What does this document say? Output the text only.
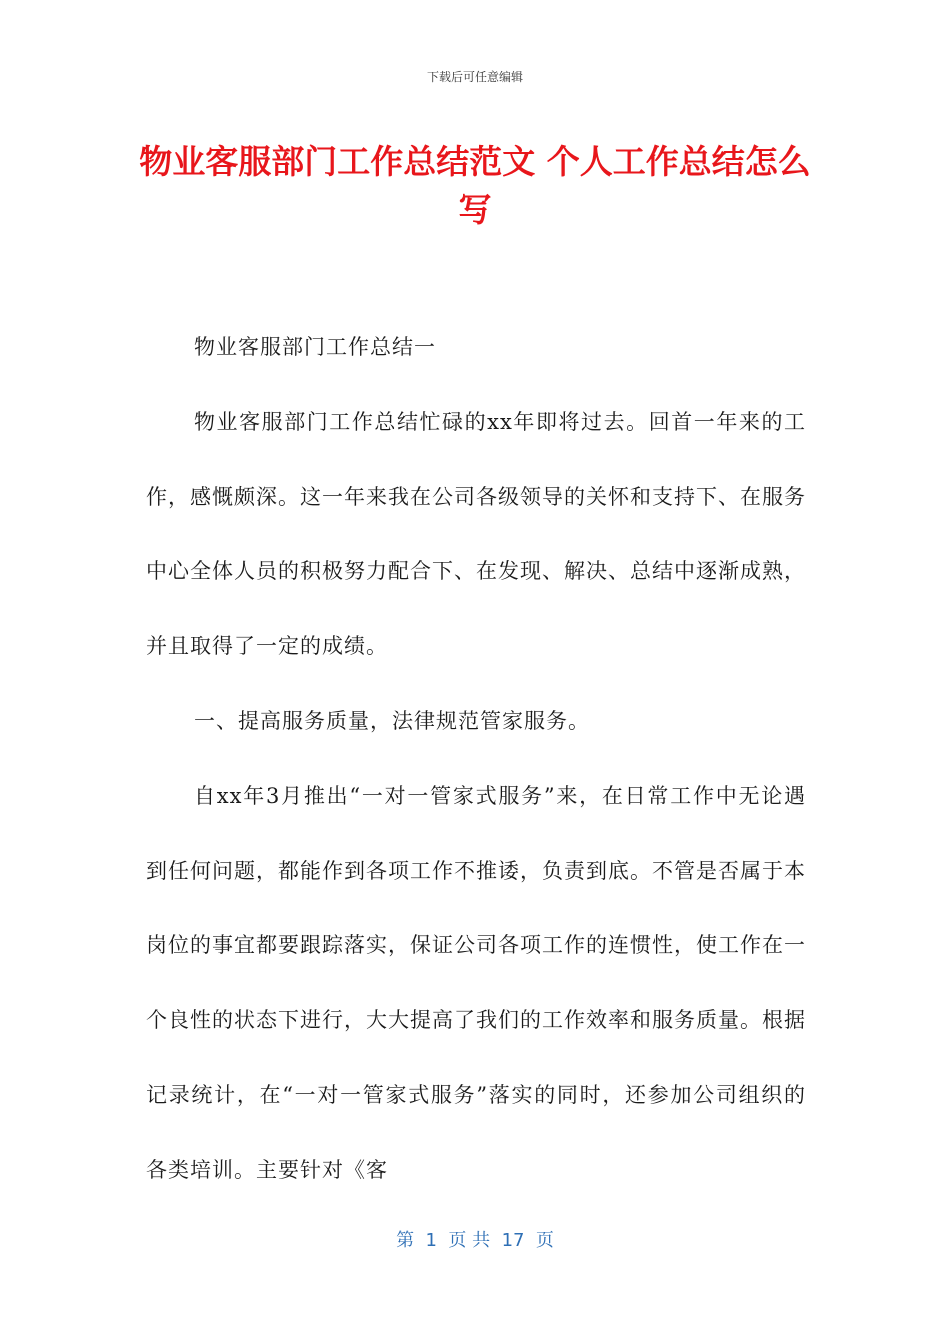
下载后可任意编辑
物业客服部门工作总结范文 个人工作总结怎么写

物业客服部门工作总结一

物业客服部门工作总结忙碌的xx年即将过去。回首一年来的工作，感慨颇深。这一年来我在公司各级领导的关怀和支持下、在服务中心全体人员的积极努力配合下、在发现、解决、总结中逐渐成熟，并且取得了一定的成绩。

一、提高服务质量，法律规范管家服务。

自xx年3月推出“一对一管家式服务”来，在日常工作中无论遇到任何问题，都能作到各项工作不推诿，负责到底。不管是否属于本岗位的事宜都要跟踪落实，保证公司各项工作的连惯性，使工作在一个良性的状态下进行，大大提高了我们的工作效率和服务质量。根据记录统计，在“一对一管家式服务”落实的同时，还参加公司组织的各类培训。主要针对《客

第  1  页 共  17  页
